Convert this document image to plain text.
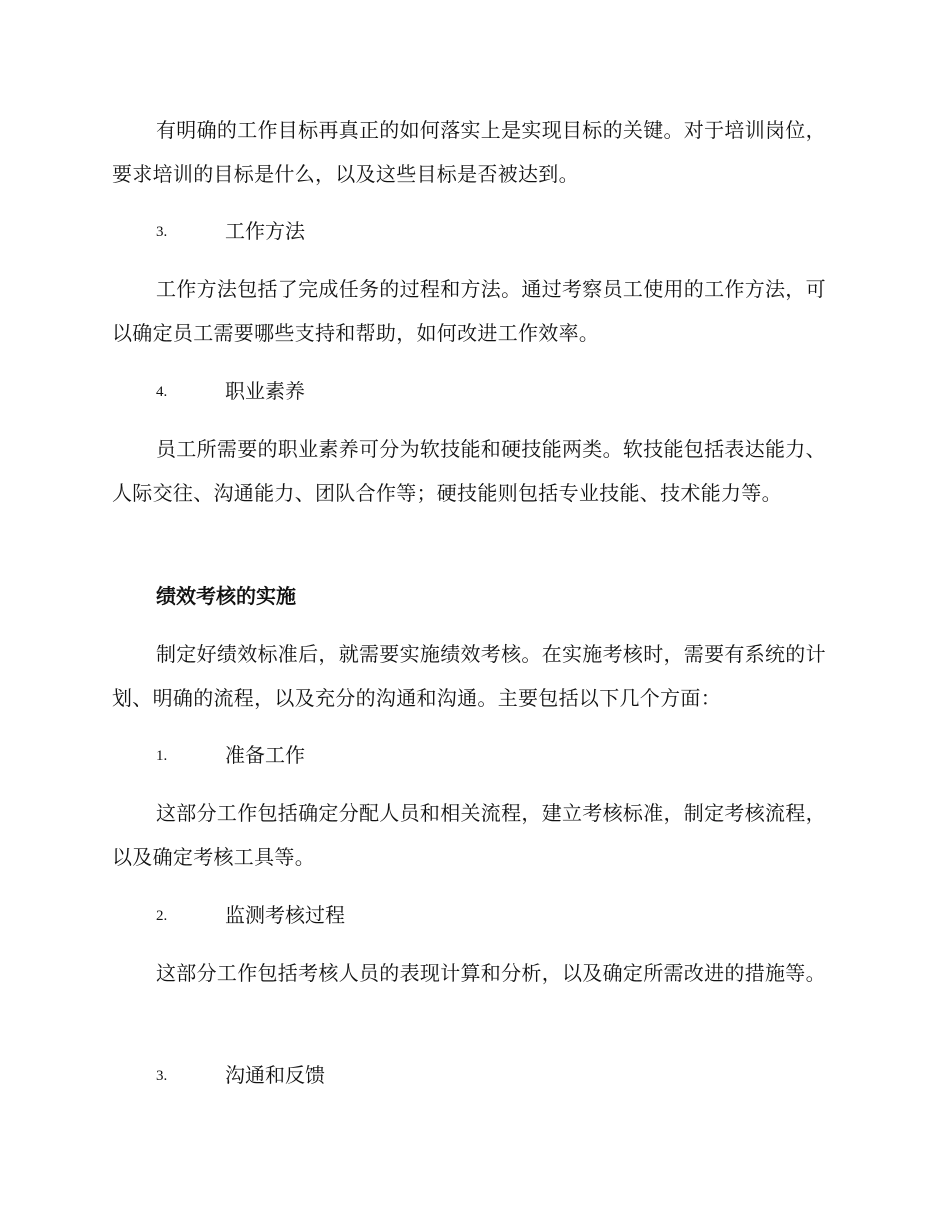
有明确的工作目标再真正的如何落实上是实现目标的关键。对于培训岗位，要求培训的目标是什么，以及这些目标是否被达到。

3.	工作方法

工作方法包括了完成任务的过程和方法。通过考察员工使用的工作方法，可以确定员工需要哪些支持和帮助，如何改进工作效率。

4.	职业素养

员工所需要的职业素养可分为软技能和硬技能两类。软技能包括表达能力、人际交往、沟通能力、团队合作等；硬技能则包括专业技能、技术能力等。

绩效考核的实施

制定好绩效标准后，就需要实施绩效考核。在实施考核时，需要有系统的计划、明确的流程，以及充分的沟通和沟通。主要包括以下几个方面：

1.	准备工作

这部分工作包括确定分配人员和相关流程，建立考核标准，制定考核流程，以及确定考核工具等。

2.	监测考核过程

这部分工作包括考核人员的表现计算和分析，以及确定所需改进的措施等。

3.	沟通和反馈
